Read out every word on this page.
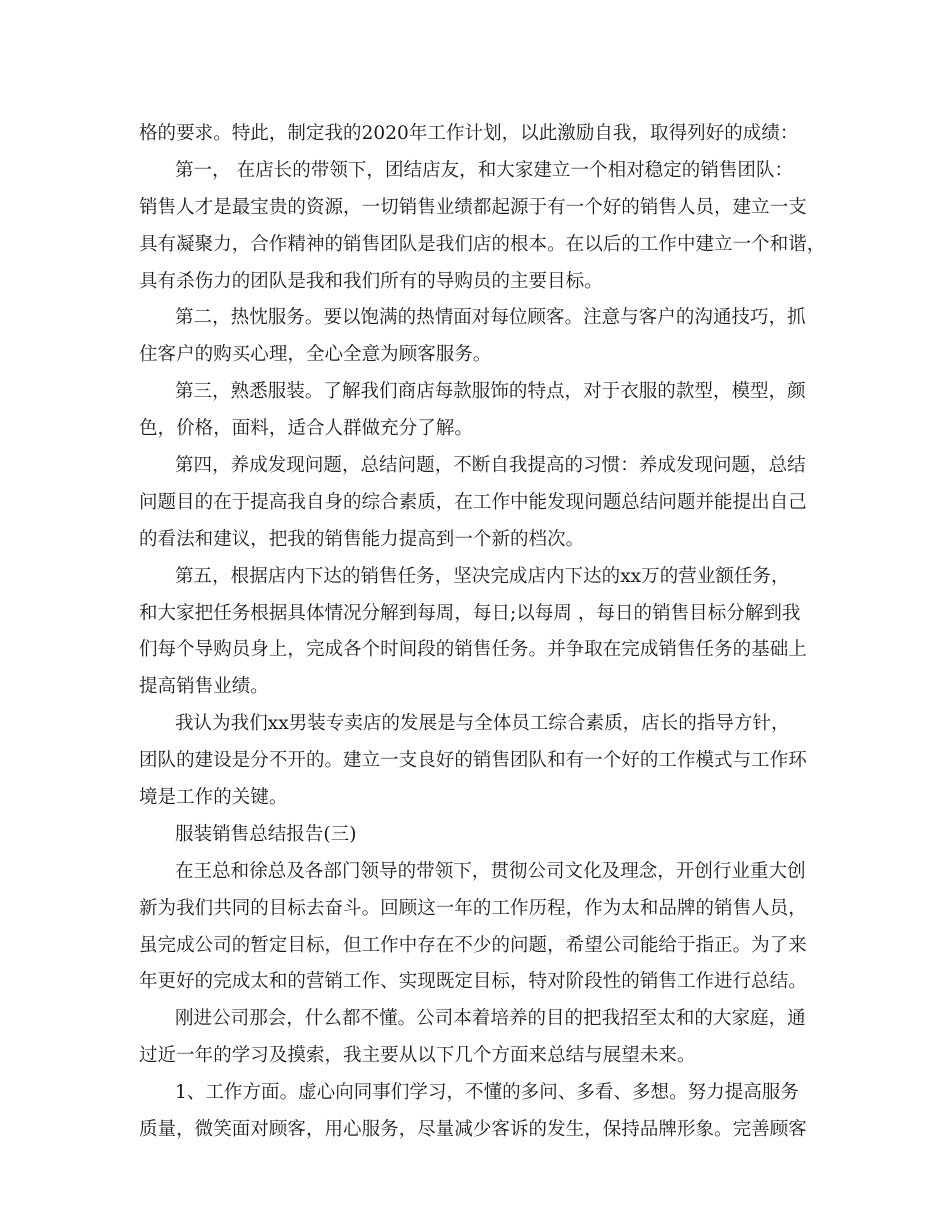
格的要求。特此，制定我的2020年工作计划，以此激励自我，取得列好的成绩：
第一， 在店长的带领下，团结店友，和大家建立一个相对稳定的销售团队：
销售人才是最宝贵的资源，一切销售业绩都起源于有一个好的销售人员，建立一支
具有凝聚力，合作精神的销售团队是我们店的根本。在以后的工作中建立一个和谐，
具有杀伤力的团队是我和我们所有的导购员的主要目标。
第二，热忱服务。要以饱满的热情面对每位顾客。注意与客户的沟通技巧，抓
住客户的购买心理，全心全意为顾客服务。
第三，熟悉服装。了解我们商店每款服饰的特点，对于衣服的款型，模型，颜
色，价格，面料，适合人群做充分了解。
第四，养成发现问题，总结问题，不断自我提高的习惯：养成发现问题，总结
问题目的在于提高我自身的综合素质，在工作中能发现问题总结问题并能提出自己
的看法和建议，把我的销售能力提高到一个新的档次。
第五，根据店内下达的销售任务，坚决完成店内下达的xx万的营业额任务，
和大家把任务根据具体情况分解到每周，每日;以每周 ，每日的销售目标分解到我
们每个导购员身上，完成各个时间段的销售任务。并争取在完成销售任务的基础上
提高销售业绩。
我认为我们xx男装专卖店的发展是与全体员工综合素质，店长的指导方针，
团队的建设是分不开的。建立一支良好的销售团队和有一个好的工作模式与工作环
境是工作的关键。
服装销售总结报告(三)
在王总和徐总及各部门领导的带领下，贯彻公司文化及理念，开创行业重大创
新为我们共同的目标去奋斗。回顾这一年的工作历程，作为太和品牌的销售人员，
虽完成公司的暂定目标，但工作中存在不少的问题，希望公司能给于指正。为了来
年更好的完成太和的营销工作、实现既定目标，特对阶段性的销售工作进行总结。
刚进公司那会，什么都不懂。公司本着培养的目的把我招至太和的大家庭，通
过近一年的学习及摸索，我主要从以下几个方面来总结与展望未来。
1、工作方面。虚心向同事们学习，不懂的多问、多看、多想。努力提高服务
质量，微笑面对顾客，用心服务，尽量减少客诉的发生，保持品牌形象。完善顾客
